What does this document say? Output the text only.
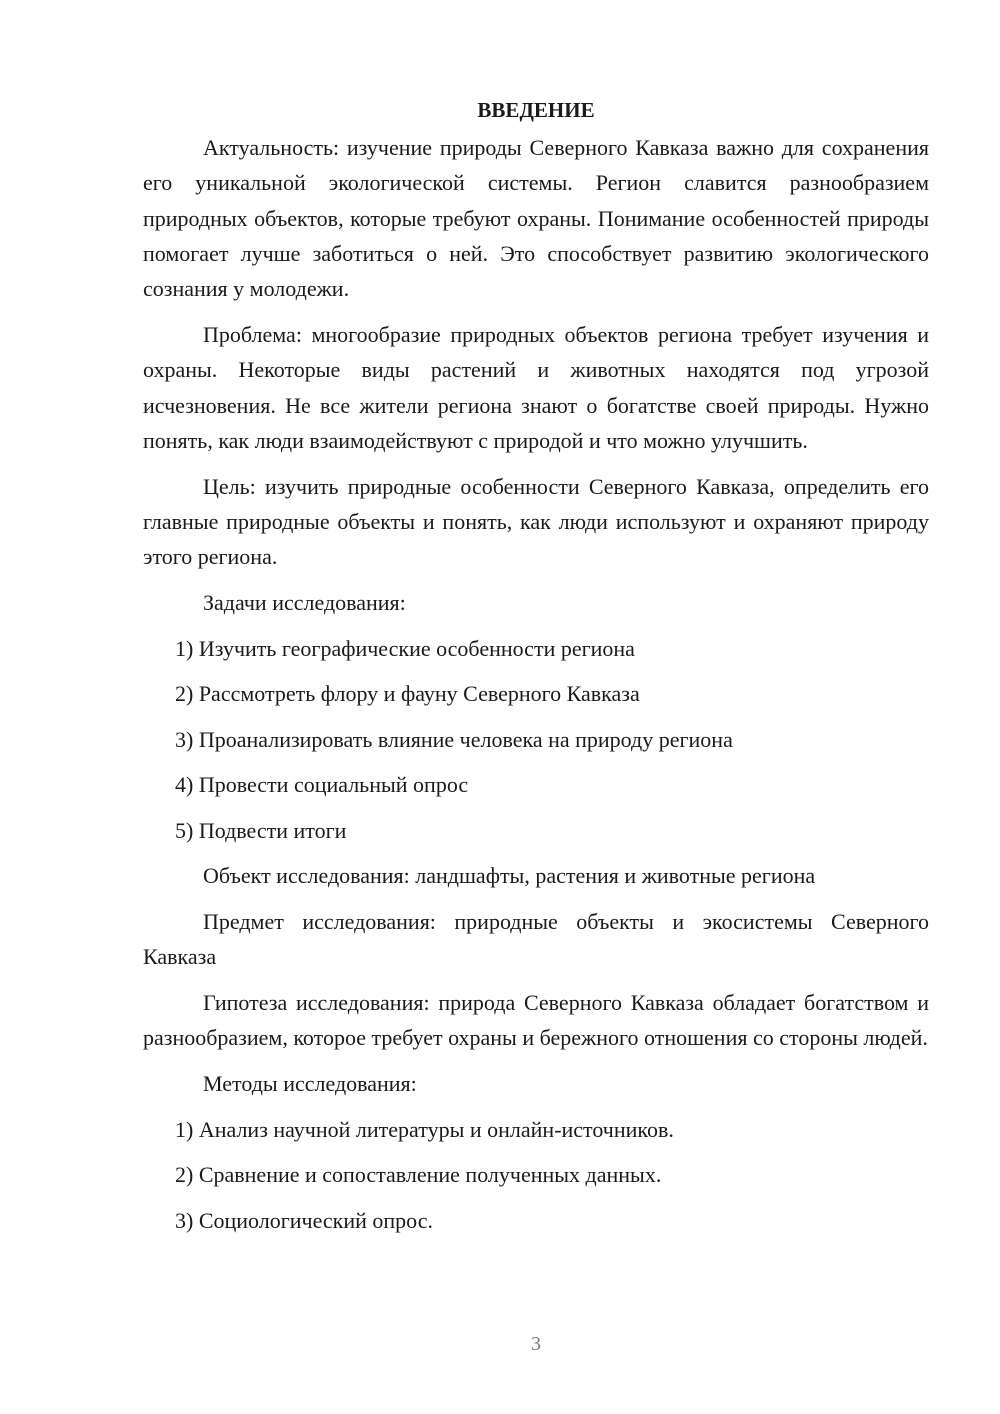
ВВЕДЕНИЕ

Актуальность: изучение природы Северного Кавказа важно для сохранения его уникальной экологической системы. Регион славится разнообразием природных объектов, которые требуют охраны. Понимание особенностей природы помогает лучше заботиться о ней. Это способствует развитию экологического сознания у молодежи.

Проблема: многообразие природных объектов региона требует изучения и охраны. Некоторые виды растений и животных находятся под угрозой исчезновения. Не все жители региона знают о богатстве своей природы. Нужно понять, как люди взаимодействуют с природой и что можно улучшить.

Цель: изучить природные особенности Северного Кавказа, определить его главные природные объекты и понять, как люди используют и охраняют природу этого региона.

Задачи исследования:

1) Изучить географические особенности региона

2) Рассмотреть флору и фауну Северного Кавказа

3) Проанализировать влияние человека на природу региона

4) Провести социальный опрос

5) Подвести итоги

Объект исследования: ландшафты, растения и животные региона

Предмет исследования: природные объекты и экосистемы Северного Кавказа

Гипотеза исследования: природа Северного Кавказа обладает богатством и разнообразием, которое требует охраны и бережного отношения со стороны людей.

Методы исследования:

1) Анализ научной литературы и онлайн-источников.

2) Сравнение и сопоставление полученных данных.

3) Социологический опрос.

3
